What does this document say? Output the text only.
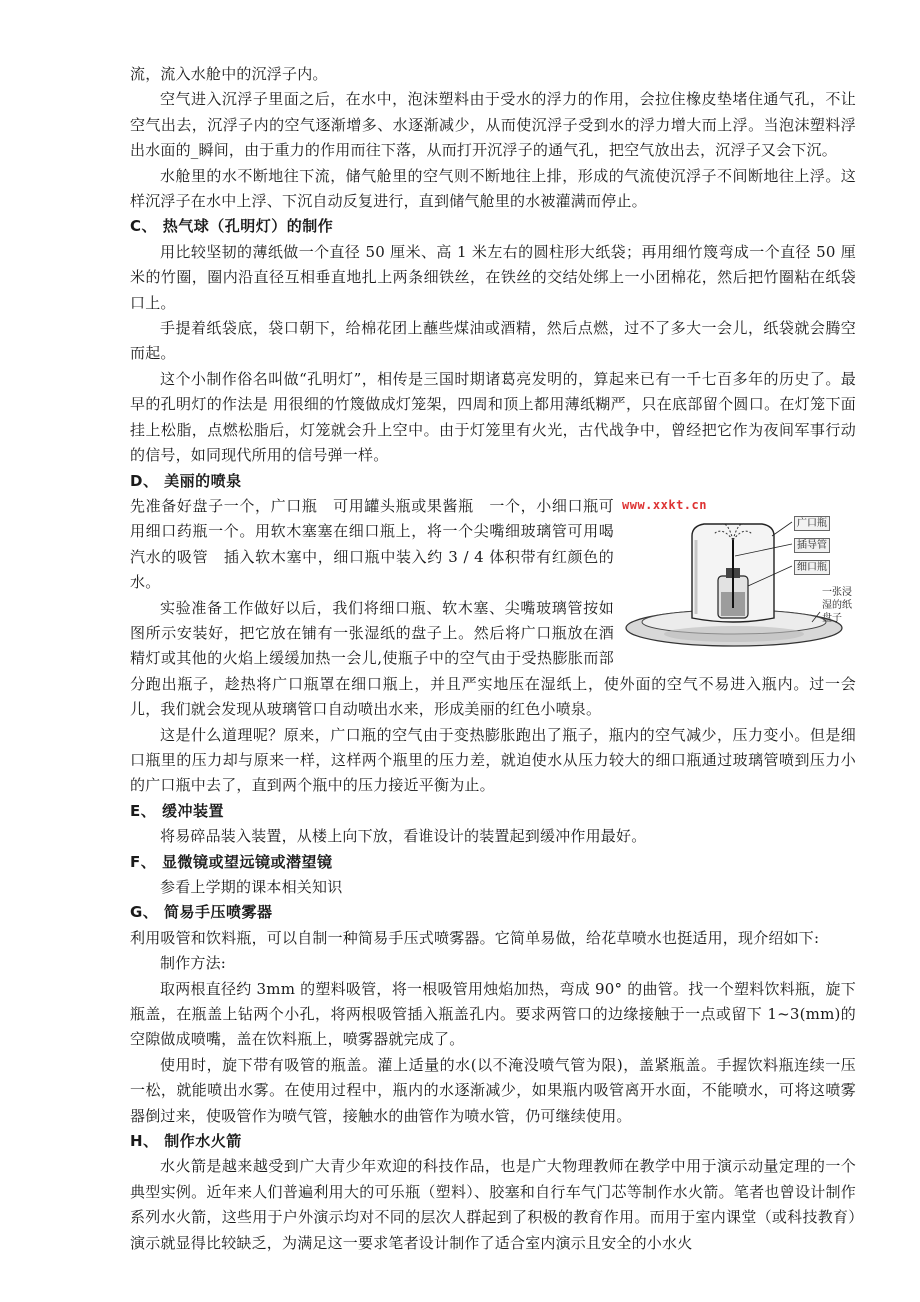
流，流入水舱中的沉浮子内。

空气进入沉浮子里面之后，在水中，泡沫塑料由于受水的浮力的作用，会拉住橡皮垫堵住通气孔，不让空气出去，沉浮子内的空气逐渐增多、水逐渐减少，从而使沉浮子受到水的浮力增大而上浮。当泡沫塑料浮出水面的_瞬间，由于重力的作用而往下落，从而打开沉浮子的通气孔，把空气放出去，沉浮子又会下沉。

水舱里的水不断地往下流，储气舱里的空气则不断地往上排，形成的气流使沉浮子不间断地往上浮。这样沉浮子在水中上浮、下沉自动反复进行，直到储气舱里的水被灌满而停止。

C、 热气球（孔明灯）的制作

用比较坚韧的薄纸做一个直径 50 厘米、高 1 米左右的圆柱形大纸袋；再用细竹篾弯成一个直径 50 厘米的竹圈，圈内沿直径互相垂直地扎上两条细铁丝，在铁丝的交结处绑上一小团棉花，然后把竹圈粘在纸袋口上。

手提着纸袋底，袋口朝下，给棉花团上蘸些煤油或酒精，然后点燃，过不了多大一会儿，纸袋就会腾空而起。

这个小制作俗名叫做“孔明灯”，相传是三国时期诸葛亮发明的，算起来已有一千七百多年的历史了。最早的孔明灯的作法是 用很细的竹篾做成灯笼架，四周和顶上都用薄纸糊严，只在底部留个圆口。在灯笼下面挂上松脂，点燃松脂后，灯笼就会升上空中。由于灯笼里有火光，古代战争中，曾经把它作为夜间军事行动的信号，如同现代所用的信号弹一样。

D、 美丽的喷泉
www.xxkt.cn
广口瓶
插导管
细口瓶
一张浸湿的纸盘子

先准备好盘子一个，广口瓶　可用罐头瓶或果酱瓶　一个，小细口瓶可用细口药瓶一个。用软木塞塞在细口瓶上，将一个尖嘴细玻璃管可用喝汽水的吸管　插入软木塞中，细口瓶中装入约 3 / 4 体积带有红颜色的水。

实验准备工作做好以后，我们将细口瓶、软木塞、尖嘴玻璃管按如图所示安装好，把它放在铺有一张湿纸的盘子上。然后将广口瓶放在酒精灯或其他的火焰上缓缓加热一会儿,使瓶子中的空气由于受热膨胀而部分跑出瓶子，趁热将广口瓶罩在细口瓶上，并且严实地压在湿纸上，使外面的空气不易进入瓶内。过一会儿，我们就会发现从玻璃管口自动喷出水来，形成美丽的红色小喷泉。

这是什么道理呢？原来，广口瓶的空气由于变热膨胀跑出了瓶子，瓶内的空气减少，压力变小。但是细口瓶里的压力却与原来一样，这样两个瓶里的压力差，就迫使水从压力较大的细口瓶通过玻璃管喷到压力小的广口瓶中去了，直到两个瓶中的压力接近平衡为止。

E、 缓冲装置

将易碎品装入装置，从楼上向下放，看谁设计的装置起到缓冲作用最好。

F、 显微镜或望远镜或潜望镜

参看上学期的课本相关知识

G、 简易手压喷雾器

利用吸管和饮料瓶，可以自制一种简易手压式喷雾器。它简单易做，给花草喷水也挺适用，现介绍如下:

制作方法:

取两根直径约 3mm 的塑料吸管，将一根吸管用烛焰加热，弯成 90° 的曲管。找一个塑料饮料瓶，旋下瓶盖，在瓶盖上钻两个小孔，将两根吸管插入瓶盖孔内。要求两管口的边缘接触于一点或留下 1~3(mm)的空隙做成喷嘴，盖在饮料瓶上，喷雾器就完成了。

使用时，旋下带有吸管的瓶盖。灌上适量的水(以不淹没喷气管为限)，盖紧瓶盖。手握饮料瓶连续一压一松，就能喷出水雾。在使用过程中，瓶内的水逐渐减少，如果瓶内吸管离开水面，不能喷水，可将这喷雾器倒过来，使吸管作为喷气管，接触水的曲管作为喷水管，仍可继续使用。

H、 制作水火箭

水火箭是越来越受到广大青少年欢迎的科技作品，也是广大物理教师在教学中用于演示动量定理的一个典型实例。近年来人们普遍利用大的可乐瓶（塑料）、胶塞和自行车气门芯等制作水火箭。笔者也曾设计制作系列水火箭，这些用于户外演示均对不同的层次人群起到了积极的教育作用。而用于室内课堂（或科技教育）演示就显得比较缺乏，为满足这一要求笔者设计制作了适合室内演示且安全的小水火
